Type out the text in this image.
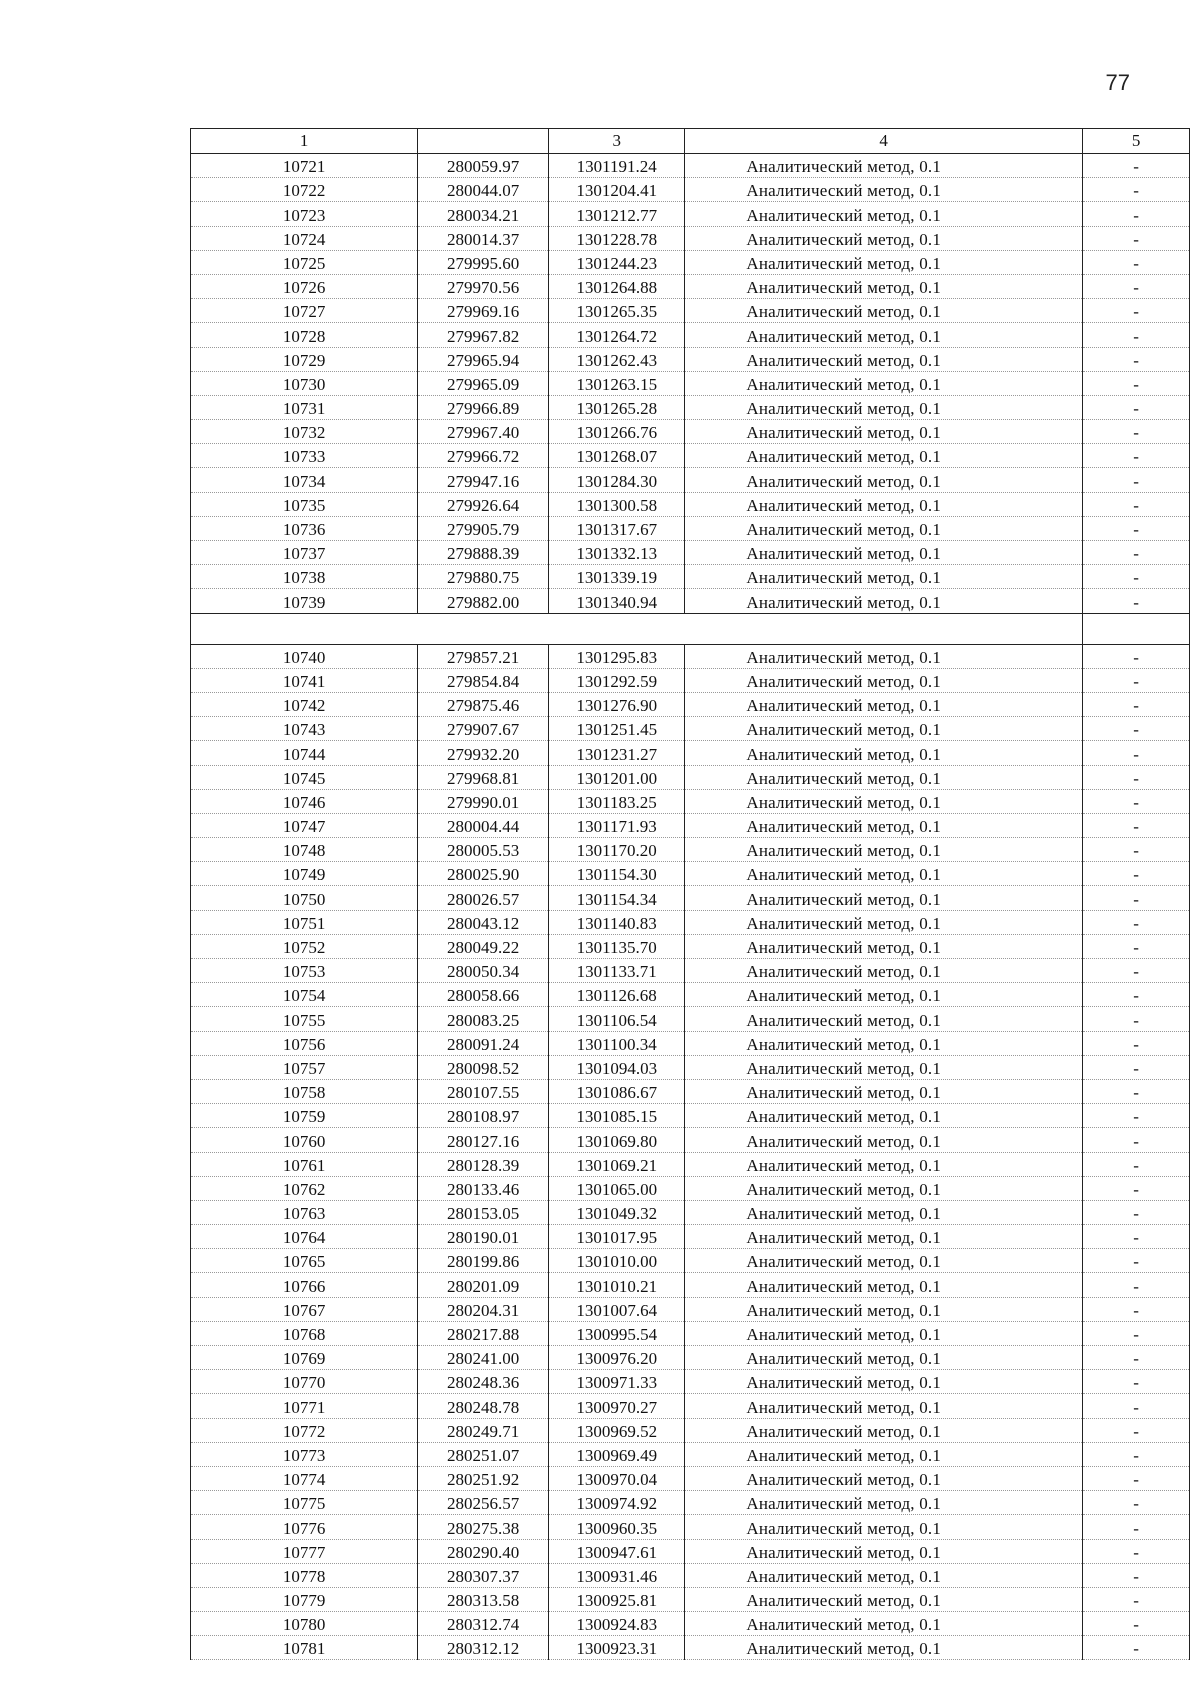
77
1		3	4	5
10721	280059.97	1301191.24	Аналитический метод, 0.1	-
10722	280044.07	1301204.41	Аналитический метод, 0.1	-
10723	280034.21	1301212.77	Аналитический метод, 0.1	-
10724	280014.37	1301228.78	Аналитический метод, 0.1	-
10725	279995.60	1301244.23	Аналитический метод, 0.1	-
10726	279970.56	1301264.88	Аналитический метод, 0.1	-
10727	279969.16	1301265.35	Аналитический метод, 0.1	-
10728	279967.82	1301264.72	Аналитический метод, 0.1	-
10729	279965.94	1301262.43	Аналитический метод, 0.1	-
10730	279965.09	1301263.15	Аналитический метод, 0.1	-
10731	279966.89	1301265.28	Аналитический метод, 0.1	-
10732	279967.40	1301266.76	Аналитический метод, 0.1	-
10733	279966.72	1301268.07	Аналитический метод, 0.1	-
10734	279947.16	1301284.30	Аналитический метод, 0.1	-
10735	279926.64	1301300.58	Аналитический метод, 0.1	-
10736	279905.79	1301317.67	Аналитический метод, 0.1	-
10737	279888.39	1301332.13	Аналитический метод, 0.1	-
10738	279880.75	1301339.19	Аналитический метод, 0.1	-
10739	279882.00	1301340.94	Аналитический метод, 0.1	-

10740	279857.21	1301295.83	Аналитический метод, 0.1	-
10741	279854.84	1301292.59	Аналитический метод, 0.1	-
10742	279875.46	1301276.90	Аналитический метод, 0.1	-
10743	279907.67	1301251.45	Аналитический метод, 0.1	-
10744	279932.20	1301231.27	Аналитический метод, 0.1	-
10745	279968.81	1301201.00	Аналитический метод, 0.1	-
10746	279990.01	1301183.25	Аналитический метод, 0.1	-
10747	280004.44	1301171.93	Аналитический метод, 0.1	-
10748	280005.53	1301170.20	Аналитический метод, 0.1	-
10749	280025.90	1301154.30	Аналитический метод, 0.1	-
10750	280026.57	1301154.34	Аналитический метод, 0.1	-
10751	280043.12	1301140.83	Аналитический метод, 0.1	-
10752	280049.22	1301135.70	Аналитический метод, 0.1	-
10753	280050.34	1301133.71	Аналитический метод, 0.1	-
10754	280058.66	1301126.68	Аналитический метод, 0.1	-
10755	280083.25	1301106.54	Аналитический метод, 0.1	-
10756	280091.24	1301100.34	Аналитический метод, 0.1	-
10757	280098.52	1301094.03	Аналитический метод, 0.1	-
10758	280107.55	1301086.67	Аналитический метод, 0.1	-
10759	280108.97	1301085.15	Аналитический метод, 0.1	-
10760	280127.16	1301069.80	Аналитический метод, 0.1	-
10761	280128.39	1301069.21	Аналитический метод, 0.1	-
10762	280133.46	1301065.00	Аналитический метод, 0.1	-
10763	280153.05	1301049.32	Аналитический метод, 0.1	-
10764	280190.01	1301017.95	Аналитический метод, 0.1	-
10765	280199.86	1301010.00	Аналитический метод, 0.1	-
10766	280201.09	1301010.21	Аналитический метод, 0.1	-
10767	280204.31	1301007.64	Аналитический метод, 0.1	-
10768	280217.88	1300995.54	Аналитический метод, 0.1	-
10769	280241.00	1300976.20	Аналитический метод, 0.1	-
10770	280248.36	1300971.33	Аналитический метод, 0.1	-
10771	280248.78	1300970.27	Аналитический метод, 0.1	-
10772	280249.71	1300969.52	Аналитический метод, 0.1	-
10773	280251.07	1300969.49	Аналитический метод, 0.1	-
10774	280251.92	1300970.04	Аналитический метод, 0.1	-
10775	280256.57	1300974.92	Аналитический метод, 0.1	-
10776	280275.38	1300960.35	Аналитический метод, 0.1	-
10777	280290.40	1300947.61	Аналитический метод, 0.1	-
10778	280307.37	1300931.46	Аналитический метод, 0.1	-
10779	280313.58	1300925.81	Аналитический метод, 0.1	-
10780	280312.74	1300924.83	Аналитический метод, 0.1	-
10781	280312.12	1300923.31	Аналитический метод, 0.1	-
